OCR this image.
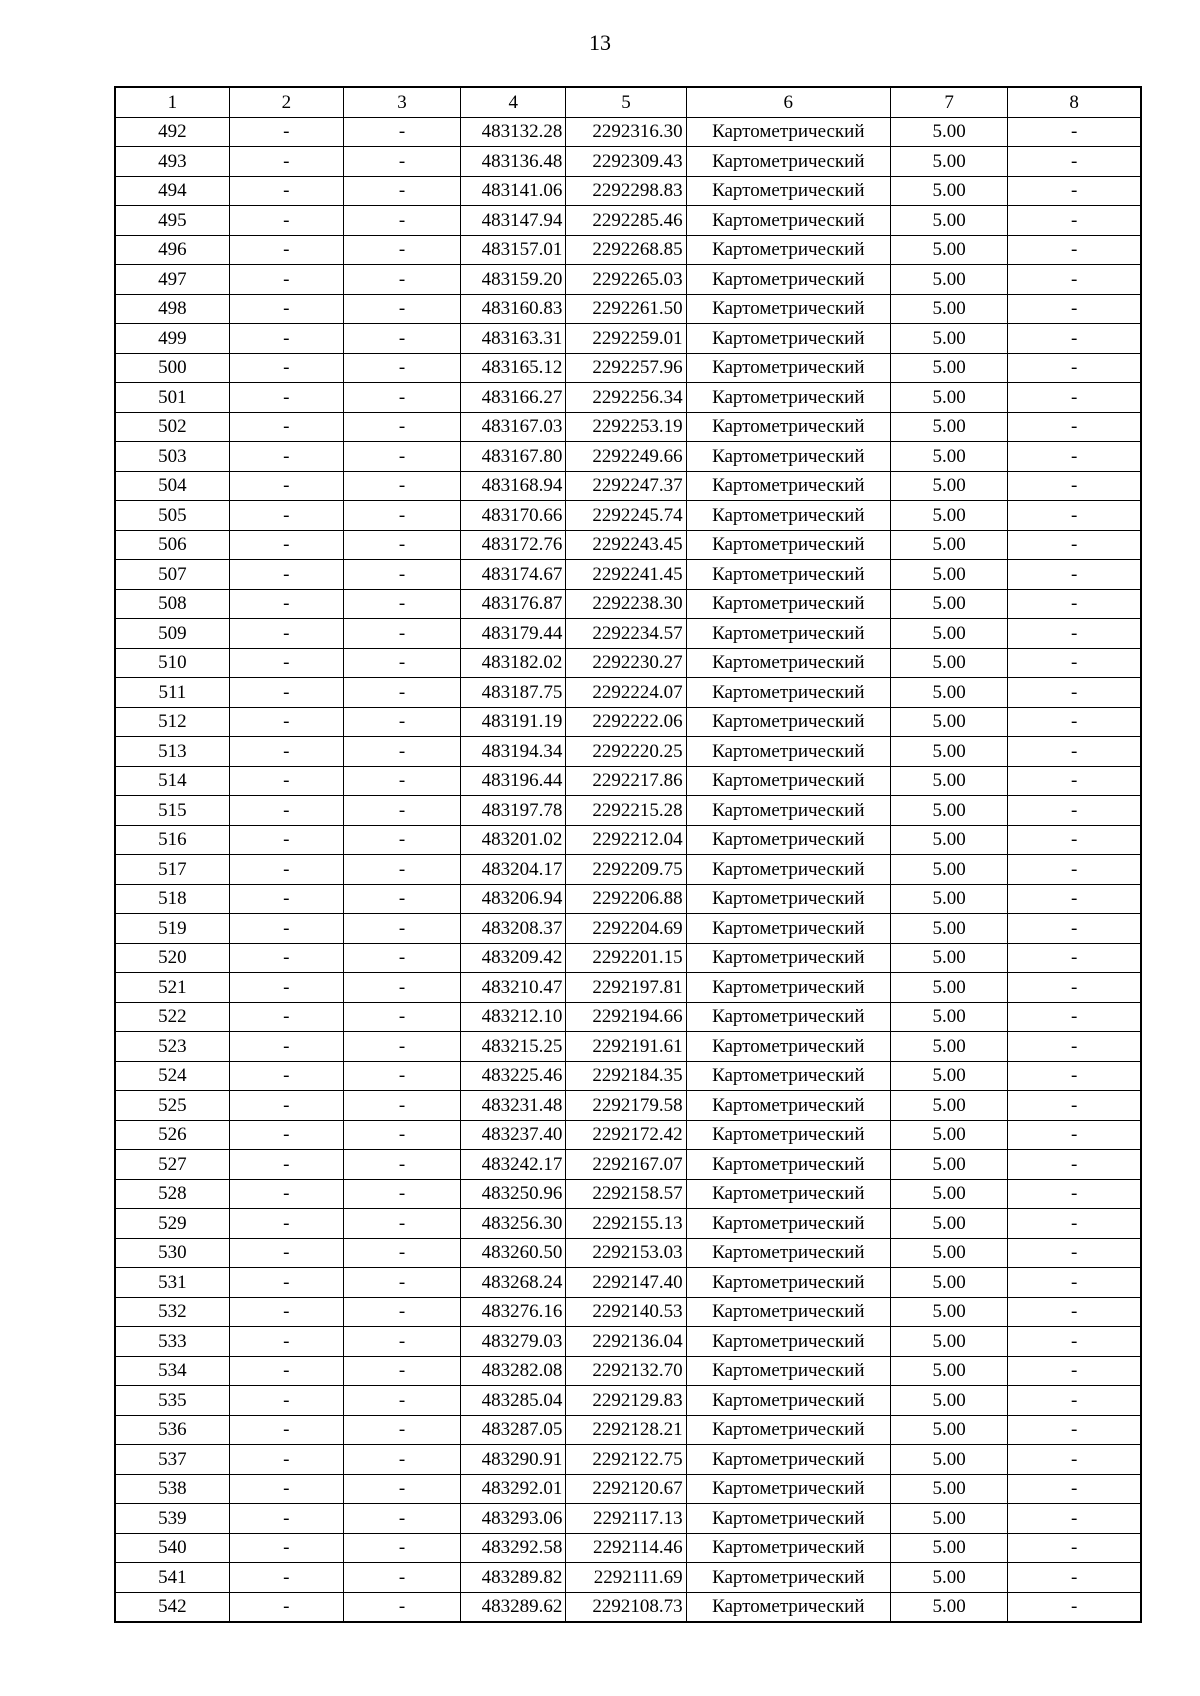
13
1	2	3	4	5	6	7	8
492	-	-	483132.28	2292316.30	Картометрический	5.00	-
493	-	-	483136.48	2292309.43	Картометрический	5.00	-
494	-	-	483141.06	2292298.83	Картометрический	5.00	-
495	-	-	483147.94	2292285.46	Картометрический	5.00	-
496	-	-	483157.01	2292268.85	Картометрический	5.00	-
497	-	-	483159.20	2292265.03	Картометрический	5.00	-
498	-	-	483160.83	2292261.50	Картометрический	5.00	-
499	-	-	483163.31	2292259.01	Картометрический	5.00	-
500	-	-	483165.12	2292257.96	Картометрический	5.00	-
501	-	-	483166.27	2292256.34	Картометрический	5.00	-
502	-	-	483167.03	2292253.19	Картометрический	5.00	-
503	-	-	483167.80	2292249.66	Картометрический	5.00	-
504	-	-	483168.94	2292247.37	Картометрический	5.00	-
505	-	-	483170.66	2292245.74	Картометрический	5.00	-
506	-	-	483172.76	2292243.45	Картометрический	5.00	-
507	-	-	483174.67	2292241.45	Картометрический	5.00	-
508	-	-	483176.87	2292238.30	Картометрический	5.00	-
509	-	-	483179.44	2292234.57	Картометрический	5.00	-
510	-	-	483182.02	2292230.27	Картометрический	5.00	-
511	-	-	483187.75	2292224.07	Картометрический	5.00	-
512	-	-	483191.19	2292222.06	Картометрический	5.00	-
513	-	-	483194.34	2292220.25	Картометрический	5.00	-
514	-	-	483196.44	2292217.86	Картометрический	5.00	-
515	-	-	483197.78	2292215.28	Картометрический	5.00	-
516	-	-	483201.02	2292212.04	Картометрический	5.00	-
517	-	-	483204.17	2292209.75	Картометрический	5.00	-
518	-	-	483206.94	2292206.88	Картометрический	5.00	-
519	-	-	483208.37	2292204.69	Картометрический	5.00	-
520	-	-	483209.42	2292201.15	Картометрический	5.00	-
521	-	-	483210.47	2292197.81	Картометрический	5.00	-
522	-	-	483212.10	2292194.66	Картометрический	5.00	-
523	-	-	483215.25	2292191.61	Картометрический	5.00	-
524	-	-	483225.46	2292184.35	Картометрический	5.00	-
525	-	-	483231.48	2292179.58	Картометрический	5.00	-
526	-	-	483237.40	2292172.42	Картометрический	5.00	-
527	-	-	483242.17	2292167.07	Картометрический	5.00	-
528	-	-	483250.96	2292158.57	Картометрический	5.00	-
529	-	-	483256.30	2292155.13	Картометрический	5.00	-
530	-	-	483260.50	2292153.03	Картометрический	5.00	-
531	-	-	483268.24	2292147.40	Картометрический	5.00	-
532	-	-	483276.16	2292140.53	Картометрический	5.00	-
533	-	-	483279.03	2292136.04	Картометрический	5.00	-
534	-	-	483282.08	2292132.70	Картометрический	5.00	-
535	-	-	483285.04	2292129.83	Картометрический	5.00	-
536	-	-	483287.05	2292128.21	Картометрический	5.00	-
537	-	-	483290.91	2292122.75	Картометрический	5.00	-
538	-	-	483292.01	2292120.67	Картометрический	5.00	-
539	-	-	483293.06	2292117.13	Картометрический	5.00	-
540	-	-	483292.58	2292114.46	Картометрический	5.00	-
541	-	-	483289.82	2292111.69	Картометрический	5.00	-
542	-	-	483289.62	2292108.73	Картометрический	5.00	-
